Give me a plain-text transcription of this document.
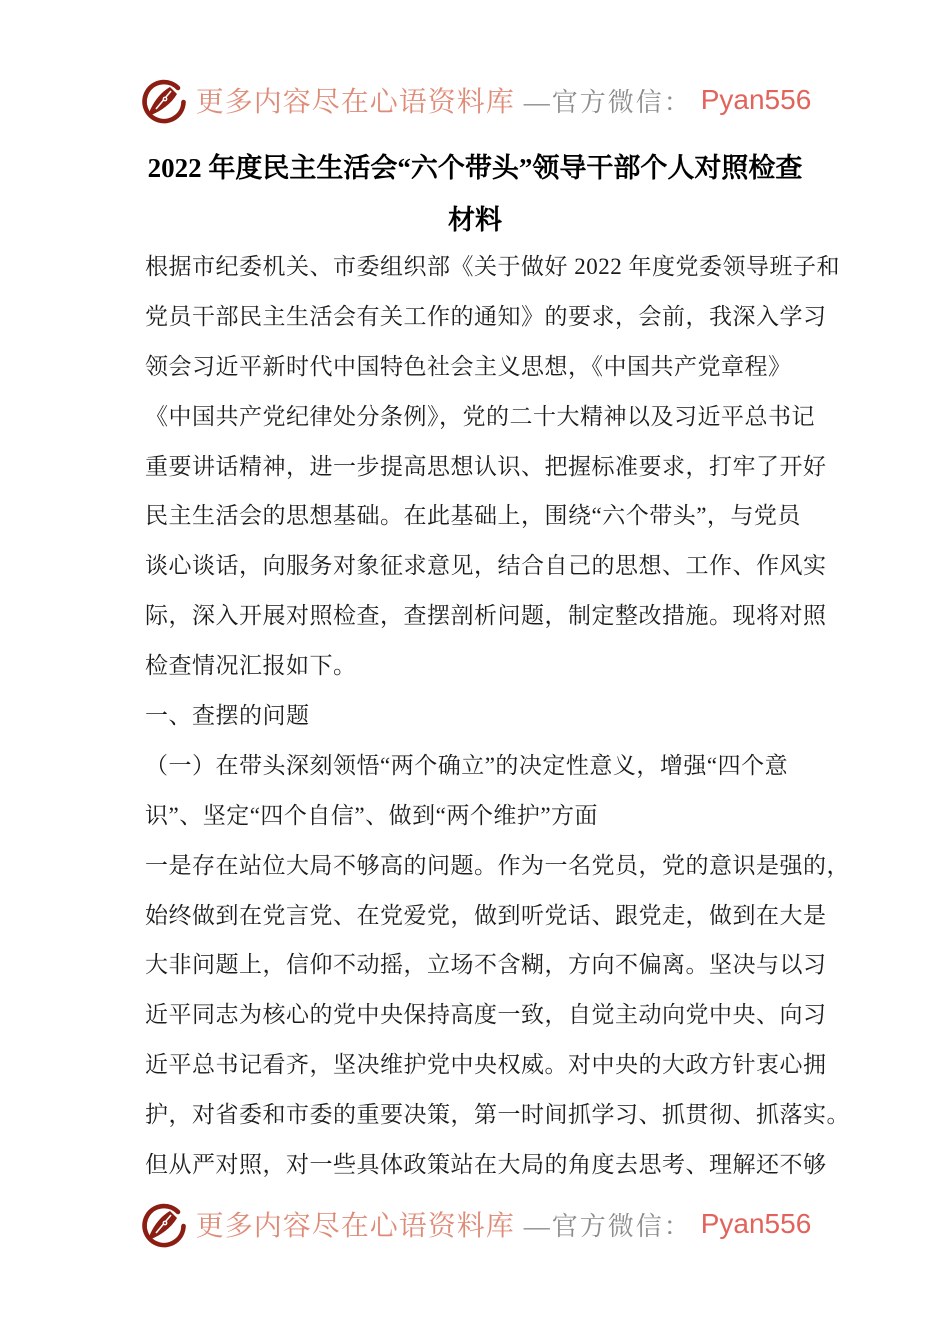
更多内容尽在心语资料库 —官方微信： Pyan556
2022 年度民主生活会“六个带头”领导干部个人对照检查
材料
根据市纪委机关、市委组织部《关于做好 2022 年度党委领导班子和
党员干部民主生活会有关工作的通知》的要求，会前，我深入学习
领会习近平新时代中国特色社会主义思想，《中国共产党章程》
《中国共产党纪律处分条例》，党的二十大精神以及习近平总书记
重要讲话精神，进一步提高思想认识、把握标准要求，打牢了开好
民主生活会的思想基础。在此基础上，围绕“六个带头”，与党员
谈心谈话，向服务对象征求意见，结合自己的思想、工作、作风实
际，深入开展对照检查，查摆剖析问题，制定整改措施。现将对照
检查情况汇报如下。
一、查摆的问题
（一）在带头深刻领悟“两个确立”的决定性意义，增强“四个意
识”、坚定“四个自信”、做到“两个维护”方面
一是存在站位大局不够高的问题。作为一名党员，党的意识是强的，
始终做到在党言党、在党爱党，做到听党话、跟党走，做到在大是
大非问题上，信仰不动摇，立场不含糊，方向不偏离。坚决与以习
近平同志为核心的党中央保持高度一致，自觉主动向党中央、向习
近平总书记看齐，坚决维护党中央权威。对中央的大政方针衷心拥
护，对省委和市委的重要决策，第一时间抓学习、抓贯彻、抓落实。
但从严对照，对一些具体政策站在大局的角度去思考、理解还不够
更多内容尽在心语资料库 —官方微信： Pyan556
